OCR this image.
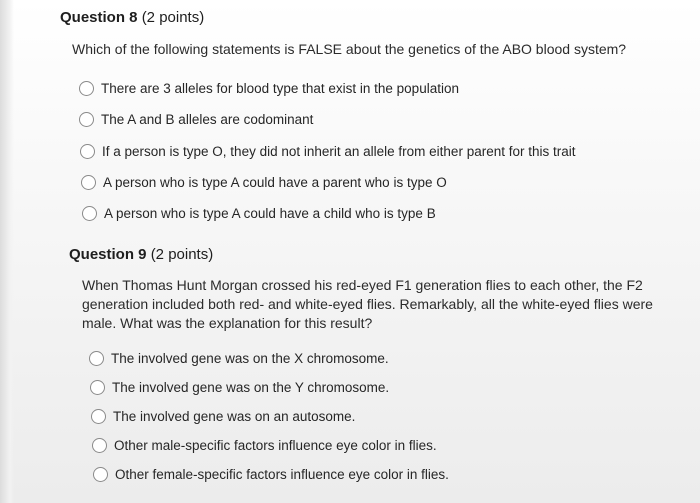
Question 8 (2 points)
Which of the following statements is FALSE about the genetics of the ABO blood system?
There are 3 alleles for blood type that exist in the population
The A and B alleles are codominant
If a person is type O, they did not inherit an allele from either parent for this trait
A person who is type A could have a parent who is type O
A person who is type A could have a child who is type B
Question 9 (2 points)
When Thomas Hunt Morgan crossed his red-eyed F1 generation flies to each other, the F2
generation included both red- and white-eyed flies. Remarkably, all the white-eyed flies were
male. What was the explanation for this result?
The involved gene was on the X chromosome.
The involved gene was on the Y chromosome.
The involved gene was on an autosome.
Other male-specific factors influence eye color in flies.
Other female-specific factors influence eye color in flies.
